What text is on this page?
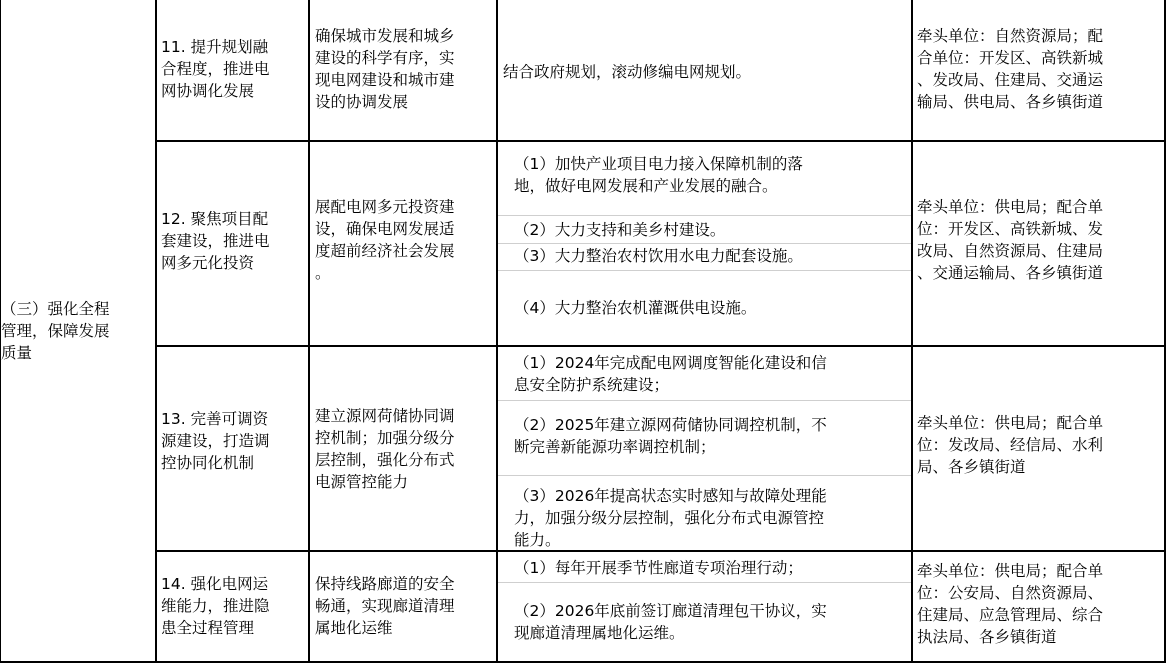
（三）强化全程
管理，保障发展
质量
11. 提升规划融
合程度，推进电
网协调化发展
确保城市发展和城乡
建设的科学有序，实
现电网建设和城市建
设的协调发展
结合政府规划，滚动修编电网规划。
牵头单位：自然资源局；配
合单位：开发区、高铁新城
、发改局、住建局、交通运
输局、供电局、各乡镇街道
12. 聚焦项目配
套建设，推进电
网多元化投资
展配电网多元投资建
设，确保电网发展适
度超前经济社会发展
。
（1）加快产业项目电力接入保障机制的落
地，做好电网发展和产业发展的融合。
（2）大力支持和美乡村建设。
（3）大力整治农村饮用水电力配套设施。
（4）大力整治农机灌溉供电设施。
牵头单位：供电局；配合单
位：开发区、高铁新城、发
改局、自然资源局、住建局
、交通运输局、各乡镇街道
13. 完善可调资
源建设，打造调
控协同化机制
建立源网荷储协同调
控机制；加强分级分
层控制，强化分布式
电源管控能力
（1）2024年完成配电网调度智能化建设和信
息安全防护系统建设；
（2）2025年建立源网荷储协同调控机制，不
断完善新能源功率调控机制；
（3）2026年提高状态实时感知与故障处理能
力，加强分级分层控制，强化分布式电源管控
能力。
牵头单位：供电局；配合单
位：发改局、经信局、水利
局、各乡镇街道
14. 强化电网运
维能力，推进隐
患全过程管理
保持线路廊道的安全
畅通，实现廊道清理
属地化运维
（1）每年开展季节性廊道专项治理行动；
（2）2026年底前签订廊道清理包干协议，实
现廊道清理属地化运维。
牵头单位：供电局；配合单
位：公安局、自然资源局、
住建局、应急管理局、综合
执法局、各乡镇街道
